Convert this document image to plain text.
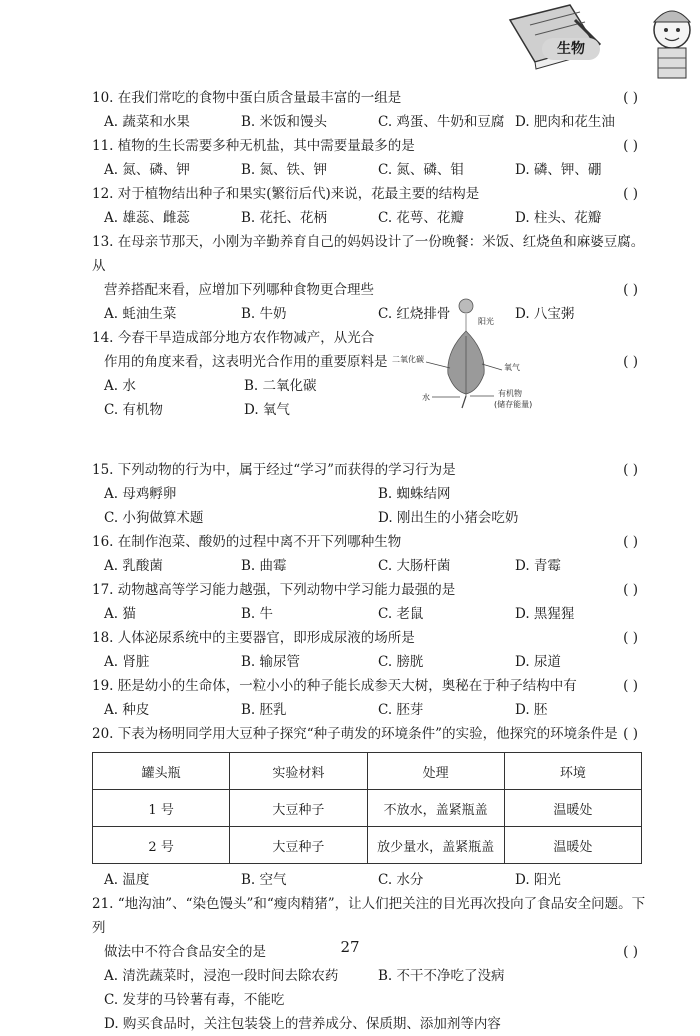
生物
10. 在我们常吃的食物中蛋白质含量最丰富的一组是	( )
A. 蔬菜和水果	B. 米饭和馒头	C. 鸡蛋、牛奶和豆腐 D. 肥肉和花生油
11. 植物的生长需要多种无机盐，其中需要量最多的是	( )
A. 氮、磷、钾	B. 氮、铁、钾	C. 氮、磷、钼	D. 磷、钾、硼
12. 对于植物结出种子和果实(繁衍后代)来说，花最主要的结构是	( )
A. 雄蕊、雌蕊	B. 花托、花柄	C. 花萼、花瓣	D. 柱头、花瓣
13. 在母亲节那天，小刚为辛勤养育自己的妈妈设计了一份晚餐：米饭、红烧鱼和麻婆豆腐。从
营养搭配来看，应增加下列哪种食物更合理些	( )
A. 蚝油生菜	B. 牛奶	C. 红烧排骨	D. 八宝粥
14. 今春干旱造成部分地方农作物减产，从光合
作用的角度来看，这表明光合作用的重要原料是	( )
A. 水	B. 二氧化碳
C. 有机物	D. 氧气
15. 下列动物的行为中，属于经过“学习”而获得的学习行为是	( )
A. 母鸡孵卵	B. 蜘蛛结网
C. 小狗做算术题	D. 刚出生的小猪会吃奶
16. 在制作泡菜、酸奶的过程中离不开下列哪种生物	( )
A. 乳酸菌	B. 曲霉	C. 大肠杆菌	D. 青霉
17. 动物越高等学习能力越强，下列动物中学习能力最强的是	( )
A. 猫	B. 牛	C. 老鼠	D. 黑猩猩
18. 人体泌尿系统中的主要器官，即形成尿液的场所是	( )
A. 肾脏	B. 输尿管	C. 膀胱	D. 尿道
19. 胚是幼小的生命体，一粒小小的种子能长成参天大树，奥秘在于种子结构中有	( )
A. 种皮	B. 胚乳	C. 胚芽	D. 胚
20. 下表为杨明同学用大豆种子探究“种子萌发的环境条件”的实验，他探究的环境条件是 ( )
罐头瓶	实验材料	处理	环境
1 号	大豆种子	不放水，盖紧瓶盖	温暖处
2 号	大豆种子	放少量水，盖紧瓶盖	温暖处
A. 温度	B. 空气	C. 水分	D. 阳光
21. “地沟油”、“染色馒头”和“瘦肉精猪”，让人们把关注的目光再次投向了食品安全问题。下列
做法中不符合食品安全的是	( )
A. 清洗蔬菜时，浸泡一段时间去除农药	B. 不干不净吃了没病
C. 发芽的马铃薯有毒，不能吃
D. 购买食品时，关注包装袋上的营养成分、保质期、添加剂等内容
阳光
二氧化碳
氧气
水	有机物
(储存能量)
27
